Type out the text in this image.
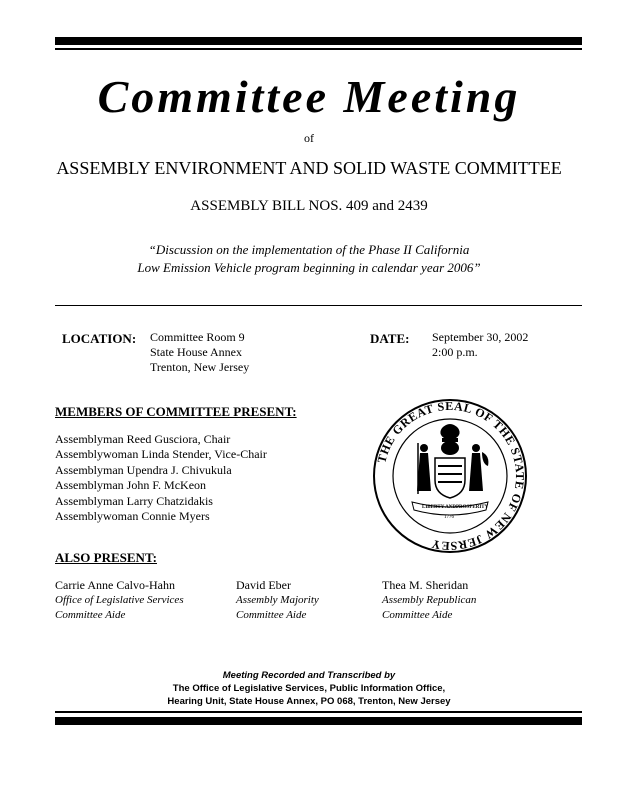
Committee Meeting
of
ASSEMBLY ENVIRONMENT AND SOLID WASTE COMMITTEE
ASSEMBLY BILL NOS. 409 and 2439
“Discussion on the implementation of the Phase II California
Low Emission Vehicle program beginning in calendar year 2006”
LOCATION: Committee Room 9
State House Annex
Trenton, New Jersey
DATE: September 30, 2002
2:00 p.m.
MEMBERS OF COMMITTEE PRESENT:
Assemblyman Reed Gusciora, Chair
Assemblywoman Linda Stender, Vice-Chair
Assemblyman Upendra J. Chivukula
Assemblyman John F. McKeon
Assemblyman Larry Chatzidakis
Assemblywoman Connie Myers
THE GREAT SEAL OF THE STATE OF NEW JERSEY
LIBERTY AND PROSPERITY
1776
ALSO PRESENT:
Carrie Anne Calvo-Hahn
Office of Legislative Services
Committee Aide
David Eber
Assembly Majority
Committee Aide
Thea M. Sheridan
Assembly Republican
Committee Aide
Meeting Recorded and Transcribed by
The Office of Legislative Services, Public Information Office,
Hearing Unit, State House Annex, PO 068, Trenton, New Jersey
